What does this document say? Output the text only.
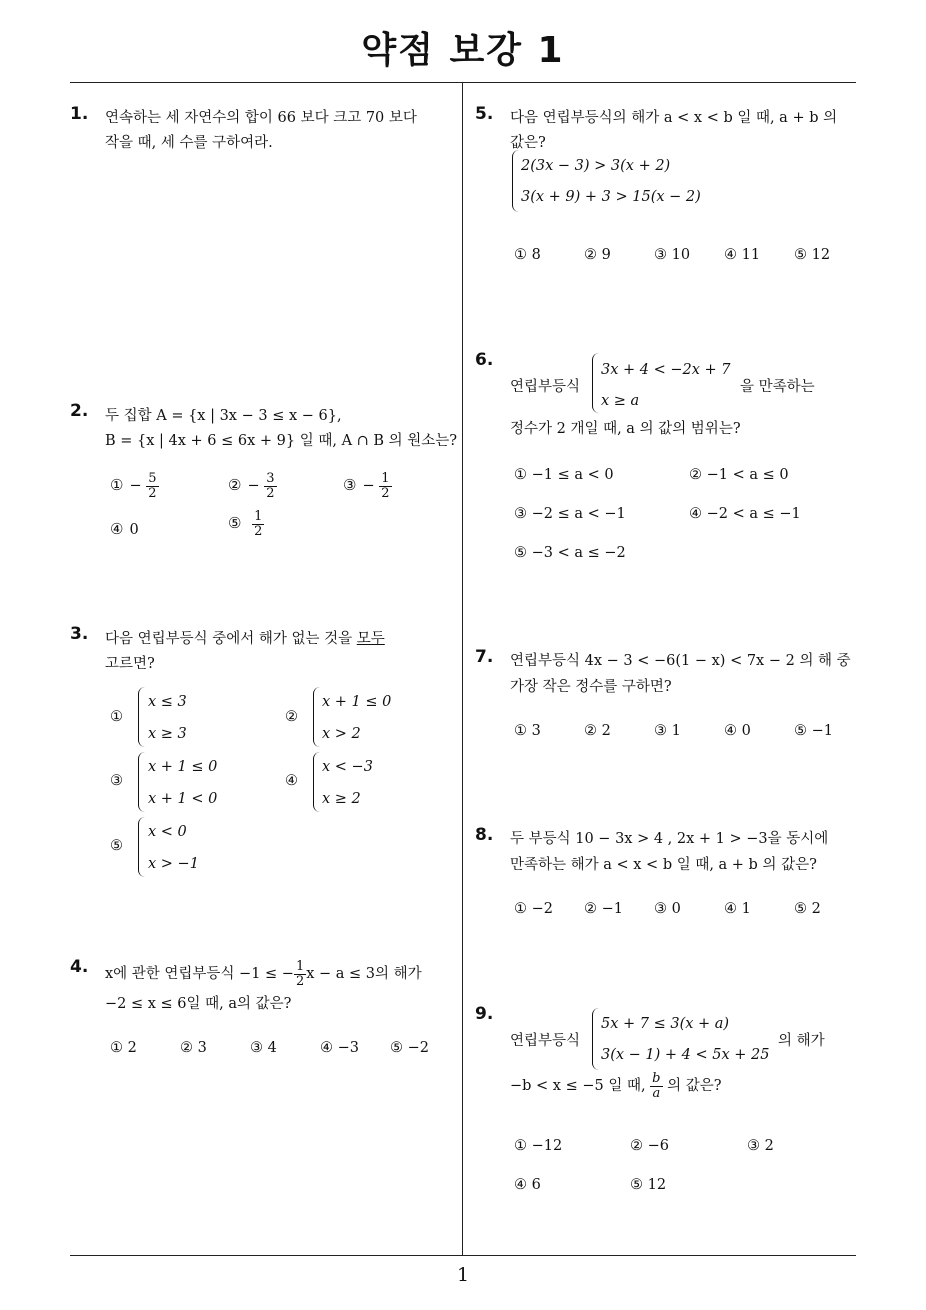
약점 보강 1
1
1. 연속하는 세 자연수의 합이 66 보다 크고 70 보다
작을 때, 세 수를 구하여라.
2. 두 집합 A = {x | 3x − 3 ≤ x − 6},
B = {x | 4x + 6 ≤ 6x + 9} 일 때, A ∩ B 의 원소는?
① − $\frac{5}{2}$	② − $\frac{3}{2}$	③ − $\frac{1}{2}$
④ 0	⑤ $\frac{1}{2}$
3. 다음 연립부등식 중에서 해가 없는 것을 모두
고르면?
①
x ≤ 3
x ≥ 3
②
x + 1 ≤ 0
x > 2
③
x + 1 ≤ 0
x + 1 < 0
④
x < −3
x ≥ 2
⑤
x < 0
x > −1
4. x에 관한 연립부등식 −1 ≤ − $\frac{1}{2}$ x − a ≤ 3의 해가
−2 ≤ x ≤ 6일 때, a의 값은?
① 2	② 3	③ 4	④ −3 ⑤ −2
5. 다음 연립부등식의 해가 a < x < b 일 때, a + b 의
값은?
2(3x − 3) > 3(x + 2)
3(x + 9) + 3 > 15(x − 2)
① 8	② 9	③ 10 ④ 11 ⑤ 12
6.
연립부등식
3x + 4 < −2x + 7
x ≥ a
을 만족하는
정수가 2 개일 때, a 의 값의 범위는?
① −1 ≤ a < 0	② −1 < a ≤ 0
③ −2 ≤ a < −1	④ −2 < a ≤ −1
⑤ −3 < a ≤ −2
7. 연립부등식 4x − 3 < −6(1 − x) < 7x − 2 의 해 중
가장 작은 정수를 구하면?
① 3	② 2	③ 1	④ 0	⑤ −1
8. 두 부등식 10 − 3x > 4 , 2x + 1 > −3을 동시에
만족하는 해가 a < x < b 일 때, a + b 의 값은?
① −2 ② −1 ③ 0	④ 1	⑤ 2
9.
연립부등식
5x + 7 ≤ 3(x + a)
3(x − 1) + 4 < 5x + 25
의 해가
−b < x ≤ −5 일 때, $\frac{b}{a}$ 의 값은?
① −12	② −6	③ 2
④ 6	⑤ 12
